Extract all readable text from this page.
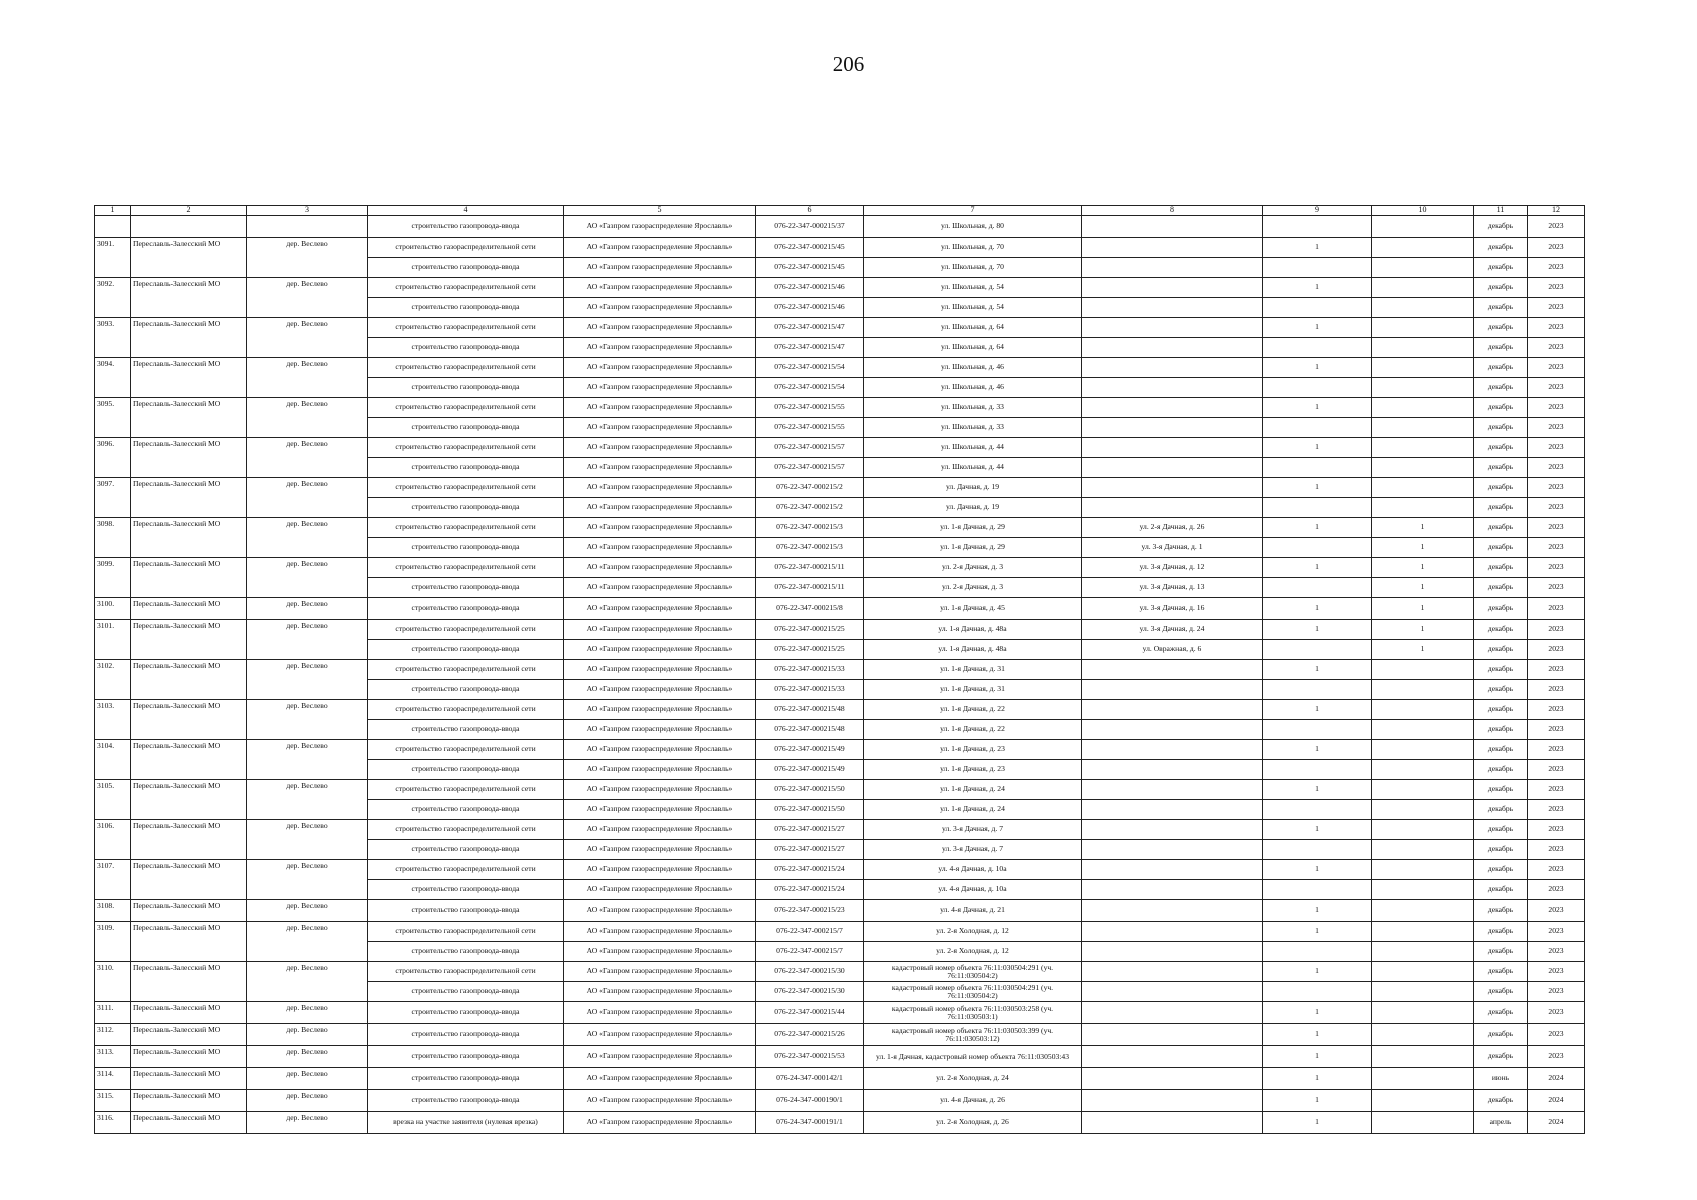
206
1	2	3	4	5	6	7	8	9	10	11	12
			строительство газопровода-ввода	АО «Газпром газораспределение Ярославль»	076-22-347-000215/37	ул. Школьная, д. 80				декабрь	2023
3091.	Переславль-Залесский МО	дер. Веслево	строительство газораспределительной сети	АО «Газпром газораспределение Ярославль»	076-22-347-000215/45	ул. Школьная, д. 70		1		декабрь	2023
			строительство газопровода-ввода	АО «Газпром газораспределение Ярославль»	076-22-347-000215/45	ул. Школьная, д. 70				декабрь	2023
3092.	Переславль-Залесский МО	дер. Веслево	строительство газораспределительной сети	АО «Газпром газораспределение Ярославль»	076-22-347-000215/46	ул. Школьная, д. 54		1		декабрь	2023
			строительство газопровода-ввода	АО «Газпром газораспределение Ярославль»	076-22-347-000215/46	ул. Школьная, д. 54				декабрь	2023
3093.	Переславль-Залесский МО	дер. Веслево	строительство газораспределительной сети	АО «Газпром газораспределение Ярославль»	076-22-347-000215/47	ул. Школьная, д. 64		1		декабрь	2023
			строительство газопровода-ввода	АО «Газпром газораспределение Ярославль»	076-22-347-000215/47	ул. Школьная, д. 64				декабрь	2023
3094.	Переславль-Залесский МО	дер. Веслево	строительство газораспределительной сети	АО «Газпром газораспределение Ярославль»	076-22-347-000215/54	ул. Школьная, д. 46		1		декабрь	2023
			строительство газопровода-ввода	АО «Газпром газораспределение Ярославль»	076-22-347-000215/54	ул. Школьная, д. 46				декабрь	2023
3095.	Переславль-Залесский МО	дер. Веслево	строительство газораспределительной сети	АО «Газпром газораспределение Ярославль»	076-22-347-000215/55	ул. Школьная, д. 33		1		декабрь	2023
			строительство газопровода-ввода	АО «Газпром газораспределение Ярославль»	076-22-347-000215/55	ул. Школьная, д. 33				декабрь	2023
3096.	Переславль-Залесский МО	дер. Веслево	строительство газораспределительной сети	АО «Газпром газораспределение Ярославль»	076-22-347-000215/57	ул. Школьная, д. 44		1		декабрь	2023
			строительство газопровода-ввода	АО «Газпром газораспределение Ярославль»	076-22-347-000215/57	ул. Школьная, д. 44				декабрь	2023
3097.	Переславль-Залесский МО	дер. Веслево	строительство газораспределительной сети	АО «Газпром газораспределение Ярославль»	076-22-347-000215/2	ул. Дачная, д. 19		1		декабрь	2023
			строительство газопровода-ввода	АО «Газпром газораспределение Ярославль»	076-22-347-000215/2	ул. Дачная, д. 19				декабрь	2023
3098.	Переславль-Залесский МО	дер. Веслево	строительство газораспределительной сети	АО «Газпром газораспределение Ярославль»	076-22-347-000215/3	ул. 1-я Дачная, д. 29	ул. 2-я Дачная, д. 26	1	1	декабрь	2023
			строительство газопровода-ввода	АО «Газпром газораспределение Ярославль»	076-22-347-000215/3	ул. 1-я Дачная, д. 29	ул. 3-я Дачная, д. 1		1	декабрь	2023
3099.	Переславль-Залесский МО	дер. Веслево	строительство газораспределительной сети	АО «Газпром газораспределение Ярославль»	076-22-347-000215/11	ул. 2-я Дачная, д. 3	ул. 3-я Дачная, д. 12	1	1	декабрь	2023
			строительство газопровода-ввода	АО «Газпром газораспределение Ярославль»	076-22-347-000215/11	ул. 2-я Дачная, д. 3	ул. 3-я Дачная, д. 13		1	декабрь	2023
3100.	Переславль-Залесский МО	дер. Веслево	строительство газопровода-ввода	АО «Газпром газораспределение Ярославль»	076-22-347-000215/8	ул. 1-я Дачная, д. 45	ул. 3-я Дачная, д. 16	1	1	декабрь	2023
3101.	Переславль-Залесский МО	дер. Веслево	строительство газораспределительной сети	АО «Газпром газораспределение Ярославль»	076-22-347-000215/25	ул. 1-я Дачная, д. 48а	ул. 3-я Дачная, д. 24	1	1	декабрь	2023
			строительство газопровода-ввода	АО «Газпром газораспределение Ярославль»	076-22-347-000215/25	ул. 1-я Дачная, д. 48а	ул. Овражная, д. 6		1	декабрь	2023
3102.	Переславль-Залесский МО	дер. Веслево	строительство газораспределительной сети	АО «Газпром газораспределение Ярославль»	076-22-347-000215/33	ул. 1-я Дачная, д. 31		1		декабрь	2023
			строительство газопровода-ввода	АО «Газпром газораспределение Ярославль»	076-22-347-000215/33	ул. 1-я Дачная, д. 31				декабрь	2023
3103.	Переславль-Залесский МО	дер. Веслево	строительство газораспределительной сети	АО «Газпром газораспределение Ярославль»	076-22-347-000215/48	ул. 1-я Дачная, д. 22		1		декабрь	2023
			строительство газопровода-ввода	АО «Газпром газораспределение Ярославль»	076-22-347-000215/48	ул. 1-я Дачная, д. 22				декабрь	2023
3104.	Переславль-Залесский МО	дер. Веслево	строительство газораспределительной сети	АО «Газпром газораспределение Ярославль»	076-22-347-000215/49	ул. 1-я Дачная, д. 23		1		декабрь	2023
			строительство газопровода-ввода	АО «Газпром газораспределение Ярославль»	076-22-347-000215/49	ул. 1-я Дачная, д. 23				декабрь	2023
3105.	Переславль-Залесский МО	дер. Веслево	строительство газораспределительной сети	АО «Газпром газораспределение Ярославль»	076-22-347-000215/50	ул. 1-я Дачная, д. 24		1		декабрь	2023
			строительство газопровода-ввода	АО «Газпром газораспределение Ярославль»	076-22-347-000215/50	ул. 1-я Дачная, д. 24				декабрь	2023
3106.	Переславль-Залесский МО	дер. Веслево	строительство газораспределительной сети	АО «Газпром газораспределение Ярославль»	076-22-347-000215/27	ул. 3-я Дачная, д. 7		1		декабрь	2023
			строительство газопровода-ввода	АО «Газпром газораспределение Ярославль»	076-22-347-000215/27	ул. 3-я Дачная, д. 7				декабрь	2023
3107.	Переславль-Залесский МО	дер. Веслево	строительство газораспределительной сети	АО «Газпром газораспределение Ярославль»	076-22-347-000215/24	ул. 4-я Дачная, д. 10а		1		декабрь	2023
			строительство газопровода-ввода	АО «Газпром газораспределение Ярославль»	076-22-347-000215/24	ул. 4-я Дачная, д. 10а				декабрь	2023
3108.	Переславль-Залесский МО	дер. Веслево	строительство газопровода-ввода	АО «Газпром газораспределение Ярославль»	076-22-347-000215/23	ул. 4-я Дачная, д. 21		1		декабрь	2023
3109.	Переславль-Залесский МО	дер. Веслево	строительство газораспределительной сети	АО «Газпром газораспределение Ярославль»	076-22-347-000215/7	ул. 2-я Холодная, д. 12		1		декабрь	2023
			строительство газопровода-ввода	АО «Газпром газораспределение Ярославль»	076-22-347-000215/7	ул. 2-я Холодная, д. 12				декабрь	2023
3110.	Переславль-Залесский МО	дер. Веслево	строительство газораспределительной сети	АО «Газпром газораспределение Ярославль»	076-22-347-000215/30	кадастровый номер объекта 76:11:030504:291 (уч. 76:11:030504:2)		1		декабрь	2023
			строительство газопровода-ввода	АО «Газпром газораспределение Ярославль»	076-22-347-000215/30	кадастровый номер объекта 76:11:030504:291 (уч. 76:11:030504:2)				декабрь	2023
3111.	Переславль-Залесский МО	дер. Веслево	строительство газопровода-ввода	АО «Газпром газораспределение Ярославль»	076-22-347-000215/44	кадастровый номер объекта 76:11:030503:258 (уч. 76:11:030503:1)		1		декабрь	2023
3112.	Переславль-Залесский МО	дер. Веслево	строительство газопровода-ввода	АО «Газпром газораспределение Ярославль»	076-22-347-000215/26	кадастровый номер объекта 76:11:030503:399 (уч. 76:11:030503:12)		1		декабрь	2023
3113.	Переславль-Залесский МО	дер. Веслево	строительство газопровода-ввода	АО «Газпром газораспределение Ярославль»	076-22-347-000215/53	ул. 1-я Дачная, кадастровый номер объекта 76:11:030503:43		1		декабрь	2023
3114.	Переславль-Залесский МО	дер. Веслево	строительство газопровода-ввода	АО «Газпром газораспределение Ярославль»	076-24-347-000142/1	ул. 2-я Холодная, д. 24		1		июнь	2024
3115.	Переславль-Залесский МО	дер. Веслево	строительство газопровода-ввода	АО «Газпром газораспределение Ярославль»	076-24-347-000190/1	ул. 4-я Дачная, д. 26		1		декабрь	2024
3116.	Переславль-Залесский МО	дер. Веслево	врезка на участке заявителя (нулевая врезка)	АО «Газпром газораспределение Ярославль»	076-24-347-000191/1	ул. 2-я Холодная, д. 26		1		апрель	2024
